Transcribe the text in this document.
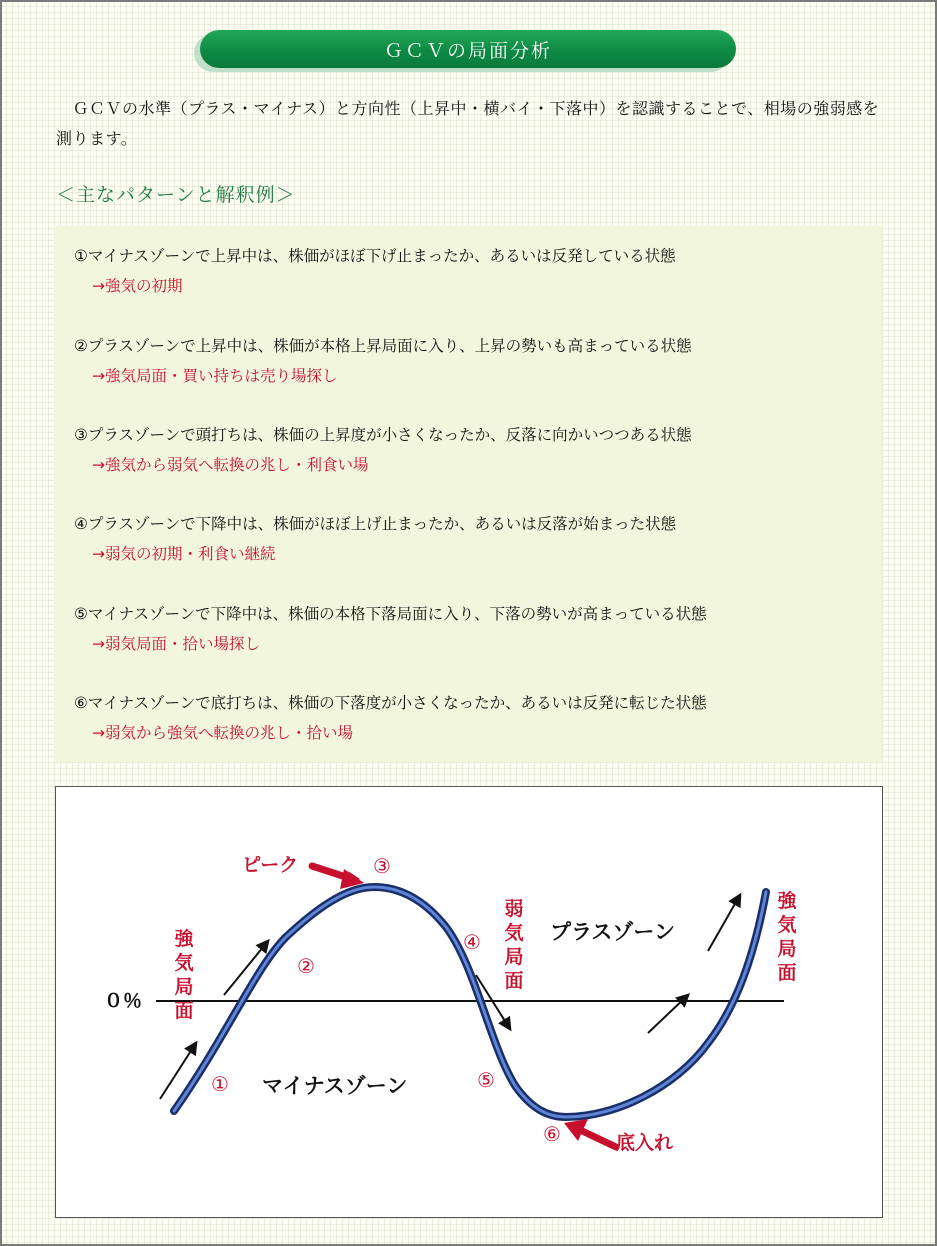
ＧＣＶの局面分析
　ＧＣＶの水準（プラス・マイナス）と方向性（上昇中・横バイ・下落中）を認識することで、相場の強弱感を測ります。
＜主なパターンと解釈例＞
①マイナスゾーンで上昇中は、株価がほぼ下げ止まったか、あるいは反発している状態
→強気の初期
②プラスゾーンで上昇中は、株価が本格上昇局面に入り、上昇の勢いも高まっている状態
→強気局面・買い持ちは売り場探し
③プラスゾーンで頭打ちは、株価の上昇度が小さくなったか、反落に向かいつつある状態
→強気から弱気へ転換の兆し・利食い場
④プラスゾーンで下降中は、株価がほぼ上げ止まったか、あるいは反落が始まった状態
→弱気の初期・利食い継続
⑤マイナスゾーンで下降中は、株価の本格下落局面に入り、下落の勢いが高まっている状態
→弱気局面・拾い場探し
⑥マイナスゾーンで底打ちは、株価の下落度が小さくなったか、あるいは反発に転じた状態
→弱気から強気へ転換の兆し・拾い場
０％
強
気
局
面
弱
気
局
面
強
気
局
面
ピーク
底入れ
プラスゾーン
マイナスゾーン
①
②
③
④
⑤
⑥
